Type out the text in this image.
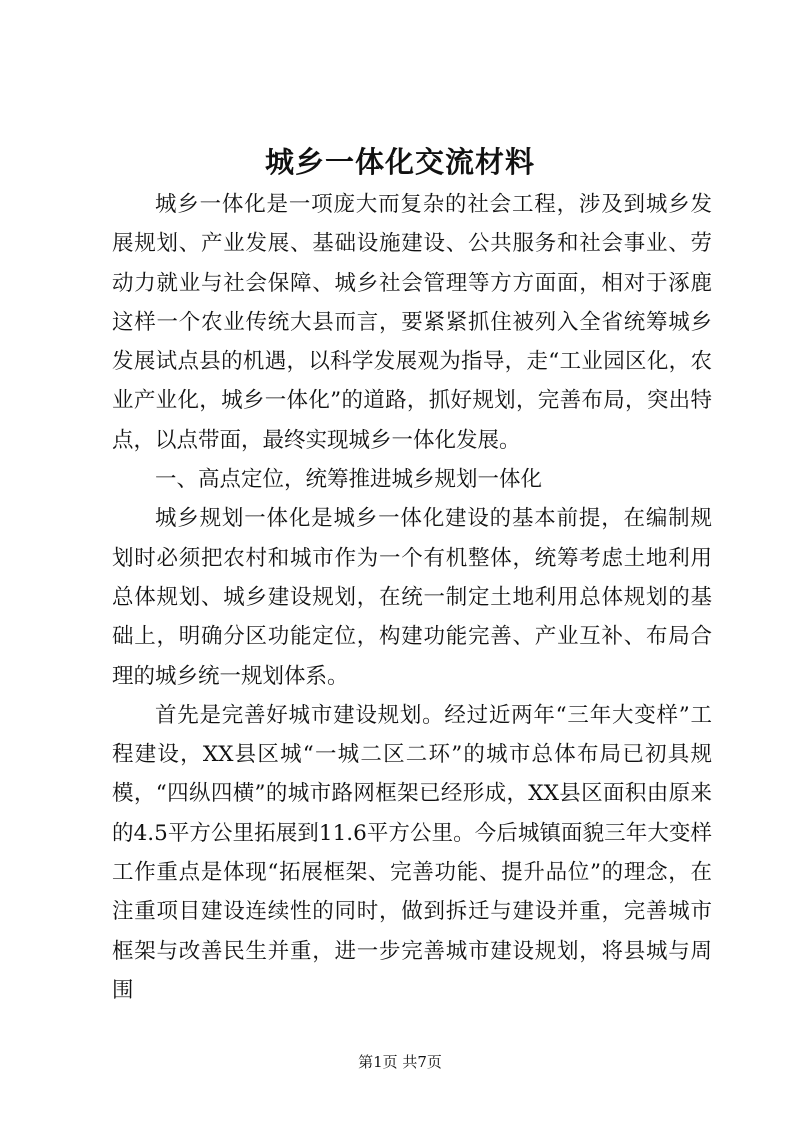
城乡一体化交流材料

城乡一体化是一项庞大而复杂的社会工程，涉及到城乡发展规划、产业发展、基础设施建设、公共服务和社会事业、劳动力就业与社会保障、城乡社会管理等方方面面，相对于涿鹿这样一个农业传统大县而言，要紧紧抓住被列入全省统筹城乡发展试点县的机遇，以科学发展观为指导，走“工业园区化，农业产业化，城乡一体化”的道路，抓好规划，完善布局，突出特点，以点带面，最终实现城乡一体化发展。

一、高点定位，统筹推进城乡规划一体化

城乡规划一体化是城乡一体化建设的基本前提，在编制规划时必须把农村和城市作为一个有机整体，统筹考虑土地利用总体规划、城乡建设规划，在统一制定土地利用总体规划的基础上，明确分区功能定位，构建功能完善、产业互补、布局合理的城乡统一规划体系。

首先是完善好城市建设规划。经过近两年“三年大变样”工程建设，XX县区城“一城二区二环”的城市总体布局已初具规模，“四纵四横”的城市路网框架已经形成，XX县区面积由原来的4.5平方公里拓展到11.6平方公里。今后城镇面貌三年大变样工作重点是体现“拓展框架、完善功能、提升品位”的理念，在注重项目建设连续性的同时，做到拆迁与建设并重，完善城市框架与改善民生并重，进一步完善城市建设规划，将县城与周围

第1页 共7页
